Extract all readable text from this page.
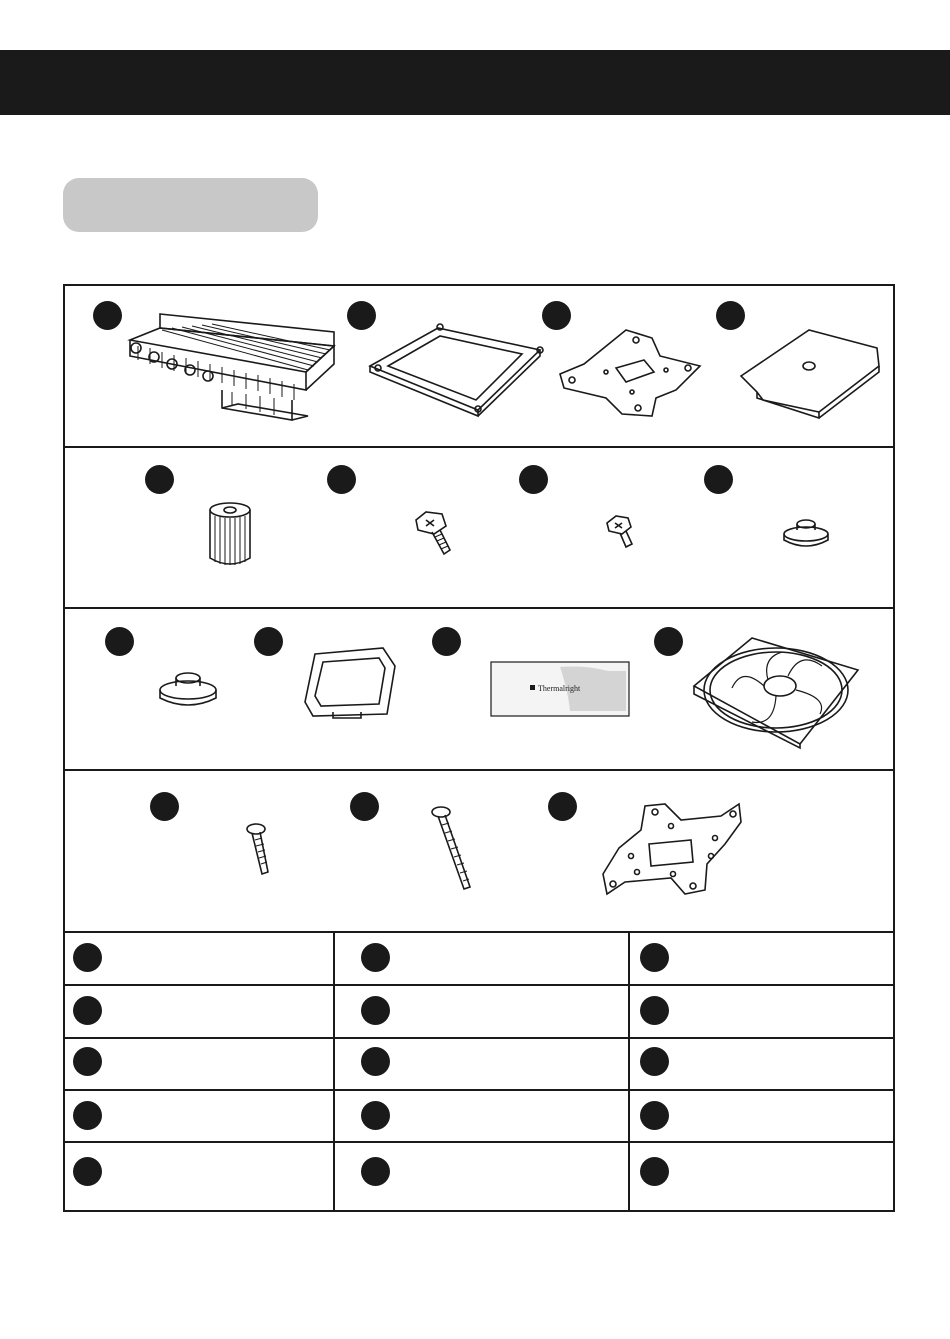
Thermalright
